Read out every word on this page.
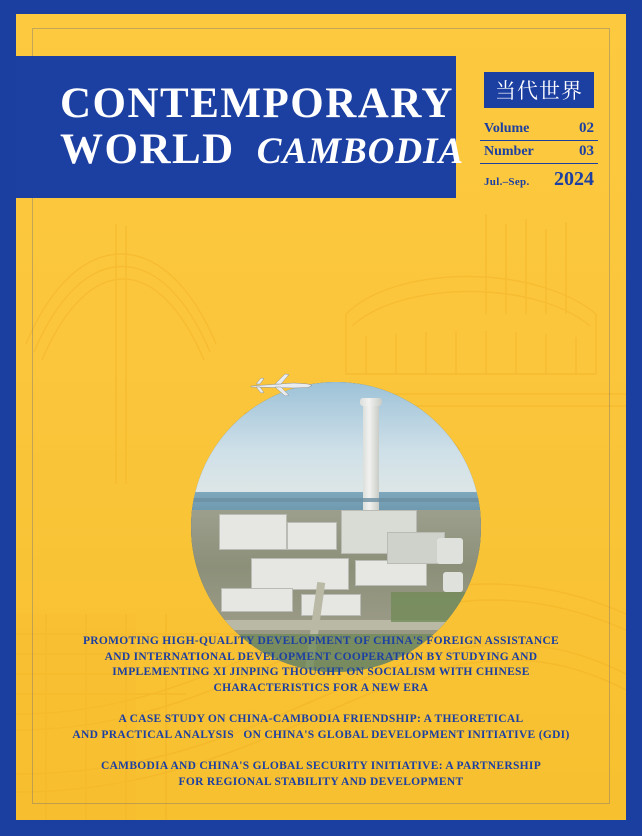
CONTEMPORARY
WORLD CAMBODIA
当代世界
Volume	02
Number	03
Jul.–Sep. 2024
PROMOTING HIGH-QUALITY DEVELOPMENT OF CHINA'S FOREIGN ASSISTANCE
AND INTERNATIONAL DEVELOPMENT COOPERATION BY STUDYING AND
IMPLEMENTING XI JINPING THOUGHT ON SOCIALISM WITH CHINESE
CHARACTERISTICS FOR A NEW ERA
A CASE STUDY ON CHINA-CAMBODIA FRIENDSHIP: A THEORETICAL
AND PRACTICAL ANALYSIS   ON CHINA'S GLOBAL DEVELOPMENT INITIATIVE (GDI)
CAMBODIA AND CHINA'S GLOBAL SECURITY INITIATIVE: A PARTNERSHIP
FOR REGIONAL STABILITY AND DEVELOPMENT
